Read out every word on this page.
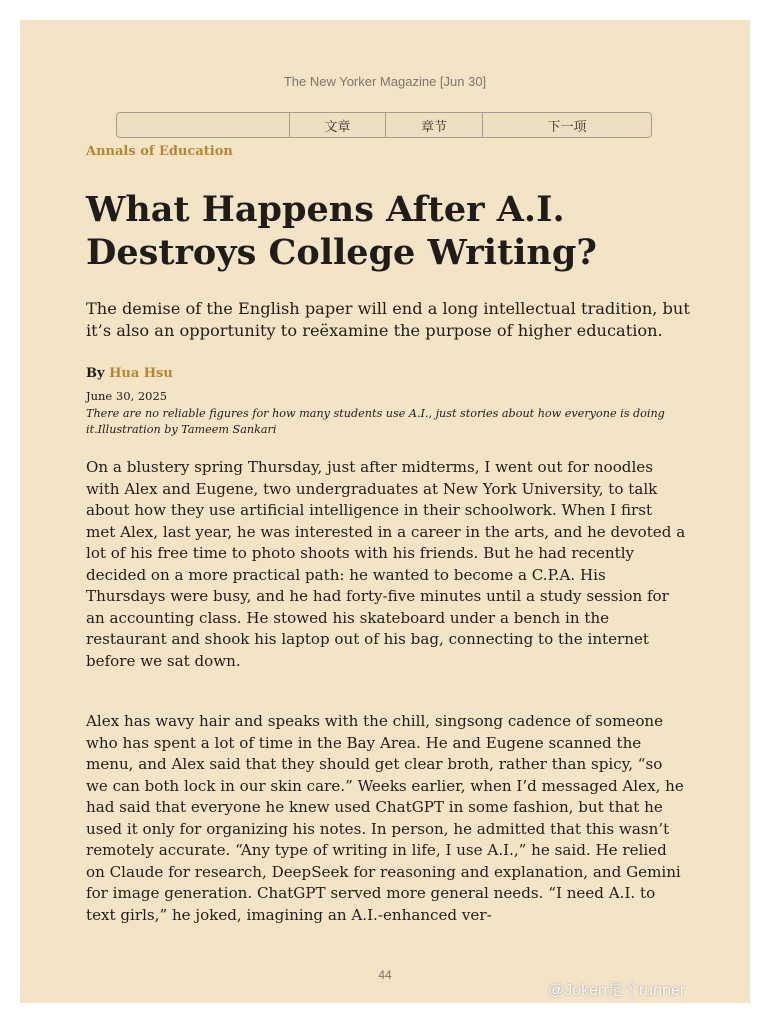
The New Yorker Magazine [Jun 30]
文章	章节	下一项
Annals of Education
What Happens After A.I.
Destroys College Writing?

The demise of the English paper will end a long intellectual tradition, but it’s also an opportunity to reëxamine the purpose of higher education.

By Hua Hsu
June 30, 2025

There are no reliable figures for how many students use A.I., just stories about how everyone is doing it.Illustration by Tameem Sankari

On a blustery spring Thursday, just after midterms, I went out for noodles with Alex and Eugene, two undergraduates at New York University, to talk about how they use artificial intelligence in their schoolwork. When I first met Alex, last year, he was interested in a career in the arts, and he devoted a lot of his free time to photo shoots with his friends. But he had recently decided on a more practical path: he wanted to become a C.P.A. His Thursdays were busy, and he had forty-five minutes until a study session for an accounting class. He stowed his skateboard under a bench in the restaurant and shook his laptop out of his bag, connecting to the internet before we sat down.

Alex has wavy hair and speaks with the chill, singsong cadence of someone who has spent a lot of time in the Bay Area. He and Eugene scanned the menu, and Alex said that they should get clear broth, rather than spicy, “so we can both lock in our skin care.” Weeks earlier, when I’d messaged Alex, he had said that everyone he knew used ChatGPT in some fashion, but that he used it only for organizing his notes. In person, he admitted that this wasn’t remotely accurate. “Any type of writing in life, I use A.I.,” he said. He relied on Claude for research, DeepSeek for reasoning and explanation, and Gemini for image generation. ChatGPT served more general needs. “I need A.I. to text girls,” he joked, imagining an A.I.-enhanced ver-

44
@Joken是个runner
